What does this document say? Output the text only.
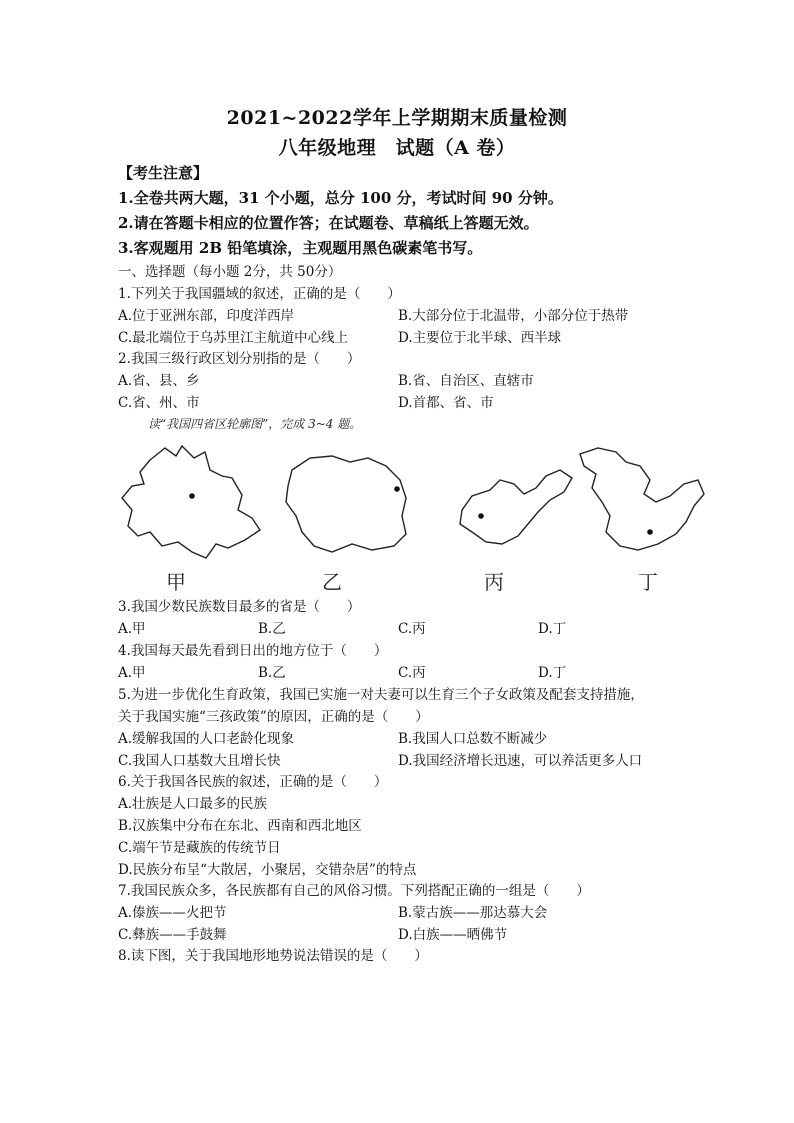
2021~2022学年上学期期末质量检测
八年级地理　试题（A 卷）
【考生注意】
1.全卷共两大题，31 个小题，总分 100 分，考试时间 90 分钟。
2.请在答题卡相应的位置作答；在试题卷、草稿纸上答题无效。
3.客观题用 2B 铅笔填涂，主观题用黑色碳素笔书写。
一、选择题（每小题 2分，共 50分）
1.下列关于我国疆域的叙述，正确的是（　　）
A.位于亚洲东部，印度洋西岸	B.大部分位于北温带，小部分位于热带
C.最北端位于乌苏里江主航道中心线上	D.主要位于北半球、西半球
2.我国三级行政区划分别指的是（　　）
A.省、县、乡	B.省、自治区、直辖市
C.省、州、市	D.首都、省、市
读“我国四省区轮廓图”，完成 3~4 题。
甲	乙	丙	丁
3.我国少数民族数目最多的省是（　　）
A.甲	B.乙	C.丙	D.丁
4.我国每天最先看到日出的地方位于（　　）
A.甲	B.乙	C.丙	D.丁
5.为进一步优化生育政策，我国已实施一对夫妻可以生育三个子女政策及配套支持措施，
关于我国实施“三孩政策”的原因，正确的是（　　）
A.缓解我国的人口老龄化现象	B.我国人口总数不断减少
C.我国人口基数大且增长快	D.我国经济增长迅速，可以养活更多人口
6.关于我国各民族的叙述，正确的是（　　）
A.壮族是人口最多的民族
B.汉族集中分布在东北、西南和西北地区
C.端午节是藏族的传统节日
D.民族分布呈“大散居，小聚居，交错杂居”的特点
7.我国民族众多，各民族都有自己的风俗习惯。下列搭配正确的一组是（　　）
A.傣族——火把节	B.蒙古族——那达慕大会
C.彝族——手鼓舞	D.白族——晒佛节
8.读下图，关于我国地形地势说法错误的是（　　）
